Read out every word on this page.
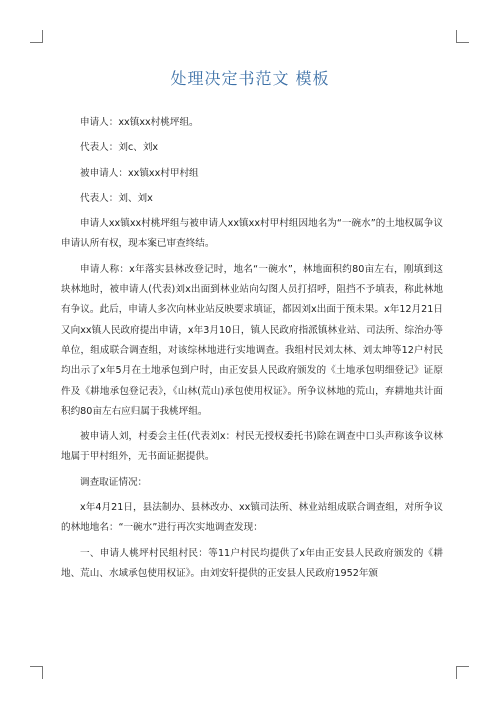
处理决定书范文 模板

申请人：xx镇xx村桃坪组。

代表人：刘c、刘x

被申请人：xx镇xx村甲村组

代表人：刘、刘x

申请人xx镇xx村桃坪组与被申请人xx镇xx村甲村组因地名为“一碗水”的土地权属争议申请认所有权，现本案已审查终结。

申请人称：x年落实县林改登记时，地名“一碗水”，林地面积约80亩左右，刚填到这块林地时，被申请人(代表)刘x出面到林业站向勾图人员打招呼，阻挡不予填表，称此林地有争议。此后，申请人多次向林业站反映要求填证，都因刘x出面于预未果。x年12月21日又向xx镇人民政府提出申请，x年3月10日，镇人民政府指派镇林业站、司法所、综治办等单位，组成联合调查组，对该综林地进行实地调查。我组村民刘太林、刘太坤等12户村民均出示了x年5月在土地承包到户时，由正安县人民政府颁发的《土地承包明细登记》证原件及《耕地承包登记表》，《山林(荒山)承包使用权证》。所争议林地的荒山，弃耕地共计面积约80亩左右应归属于我桃坪组。

被申请人刘，村委会主任(代表刘x：村民无授权委托书)除在调查中口头声称该争议林地属于甲村组外，无书面证据提供。

调查取证情况：

x年4月21日，县法制办、县林改办、xx镇司法所、林业站组成联合调查组，对所争议的林地地名：“一碗水”进行再次实地调查发现：

一、申请人桃坪村民组村民：等11户村民均提供了x年由正安县人民政府颁发的《耕地、荒山、水域承包使用权证》。由刘安轩提供的正安县人民政府1952年颁
